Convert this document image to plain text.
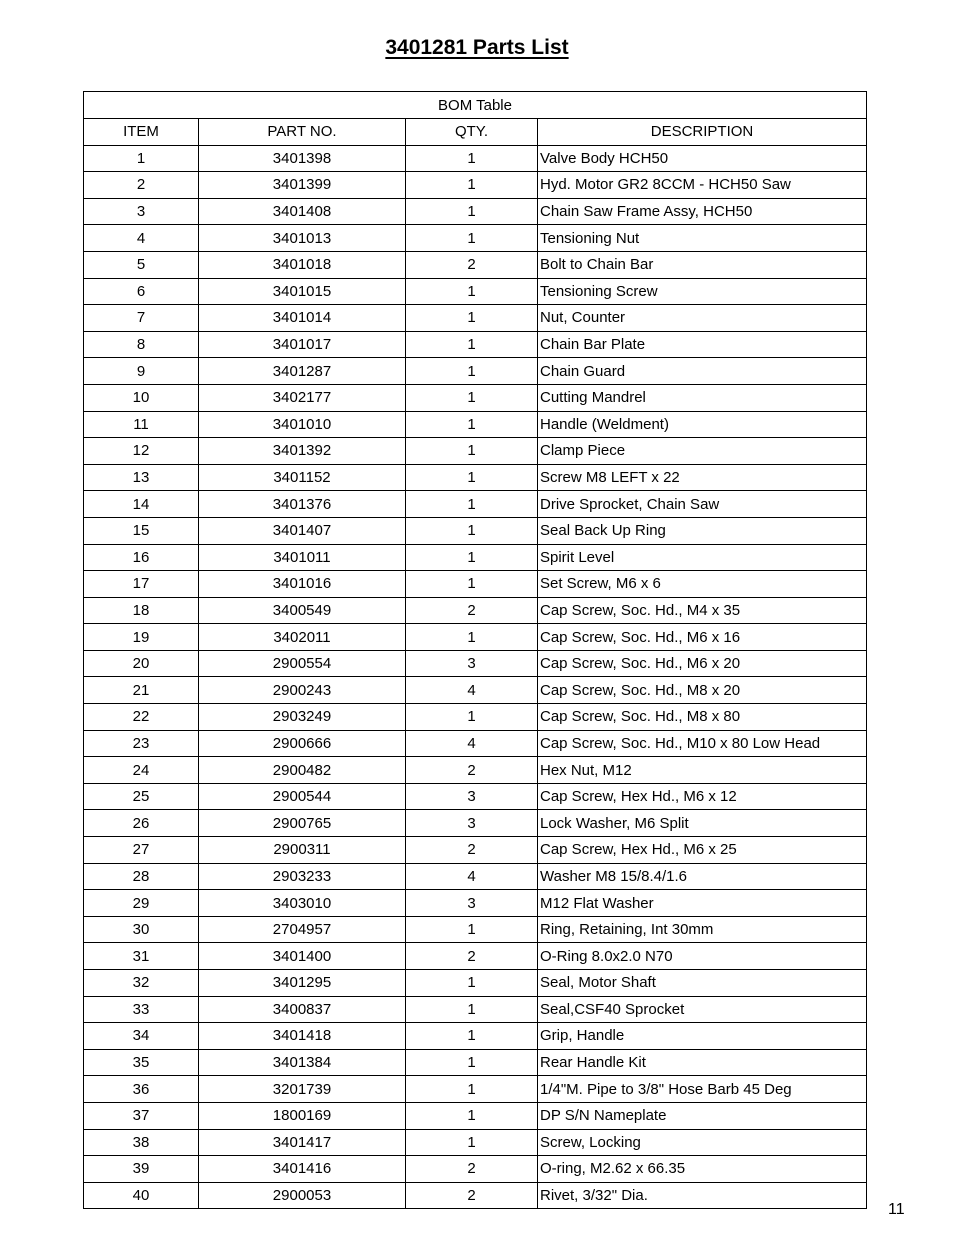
3401281 Parts List
BOM Table			
ITEM	PART NO.	QTY.	DESCRIPTION
1	3401398	1	Valve Body HCH50
2	3401399	1	Hyd. Motor GR2 8CCM - HCH50 Saw
3	3401408	1	Chain Saw Frame Assy, HCH50
4	3401013	1	Tensioning Nut
5	3401018	2	Bolt to Chain Bar
6	3401015	1	Tensioning Screw
7	3401014	1	Nut, Counter
8	3401017	1	Chain Bar Plate
9	3401287	1	Chain Guard
10	3402177	1	Cutting Mandrel
11	3401010	1	Handle (Weldment)
12	3401392	1	Clamp Piece
13	3401152	1	Screw M8 LEFT x 22
14	3401376	1	Drive Sprocket, Chain Saw
15	3401407	1	Seal Back Up Ring
16	3401011	1	Spirit Level
17	3401016	1	Set Screw, M6 x 6
18	3400549	2	Cap Screw, Soc. Hd., M4 x 35
19	3402011	1	Cap Screw, Soc. Hd., M6 x 16
20	2900554	3	Cap Screw, Soc. Hd., M6 x 20
21	2900243	4	Cap Screw, Soc. Hd., M8 x 20
22	2903249	1	Cap Screw, Soc. Hd., M8 x 80
23	2900666	4	Cap Screw, Soc. Hd., M10 x 80 Low Head
24	2900482	2	Hex Nut, M12
25	2900544	3	Cap Screw, Hex Hd., M6 x 12
26	2900765	3	Lock Washer, M6 Split
27	2900311	2	Cap Screw, Hex Hd., M6 x 25
28	2903233	4	Washer M8 15/8.4/1.6
29	3403010	3	M12 Flat Washer
30	2704957	1	Ring, Retaining, Int 30mm
31	3401400	2	O-Ring 8.0x2.0 N70
32	3401295	1	Seal, Motor Shaft
33	3400837	1	Seal,CSF40 Sprocket
34	3401418	1	Grip, Handle
35	3401384	1	Rear Handle Kit
36	3201739	1	1/4"M. Pipe to 3/8" Hose Barb 45 Deg
37	1800169	1	DP S/N Nameplate
38	3401417	1	Screw, Locking
39	3401416	2	O-ring, M2.62 x 66.35
40	2900053	2	Rivet, 3/32" Dia.
11
